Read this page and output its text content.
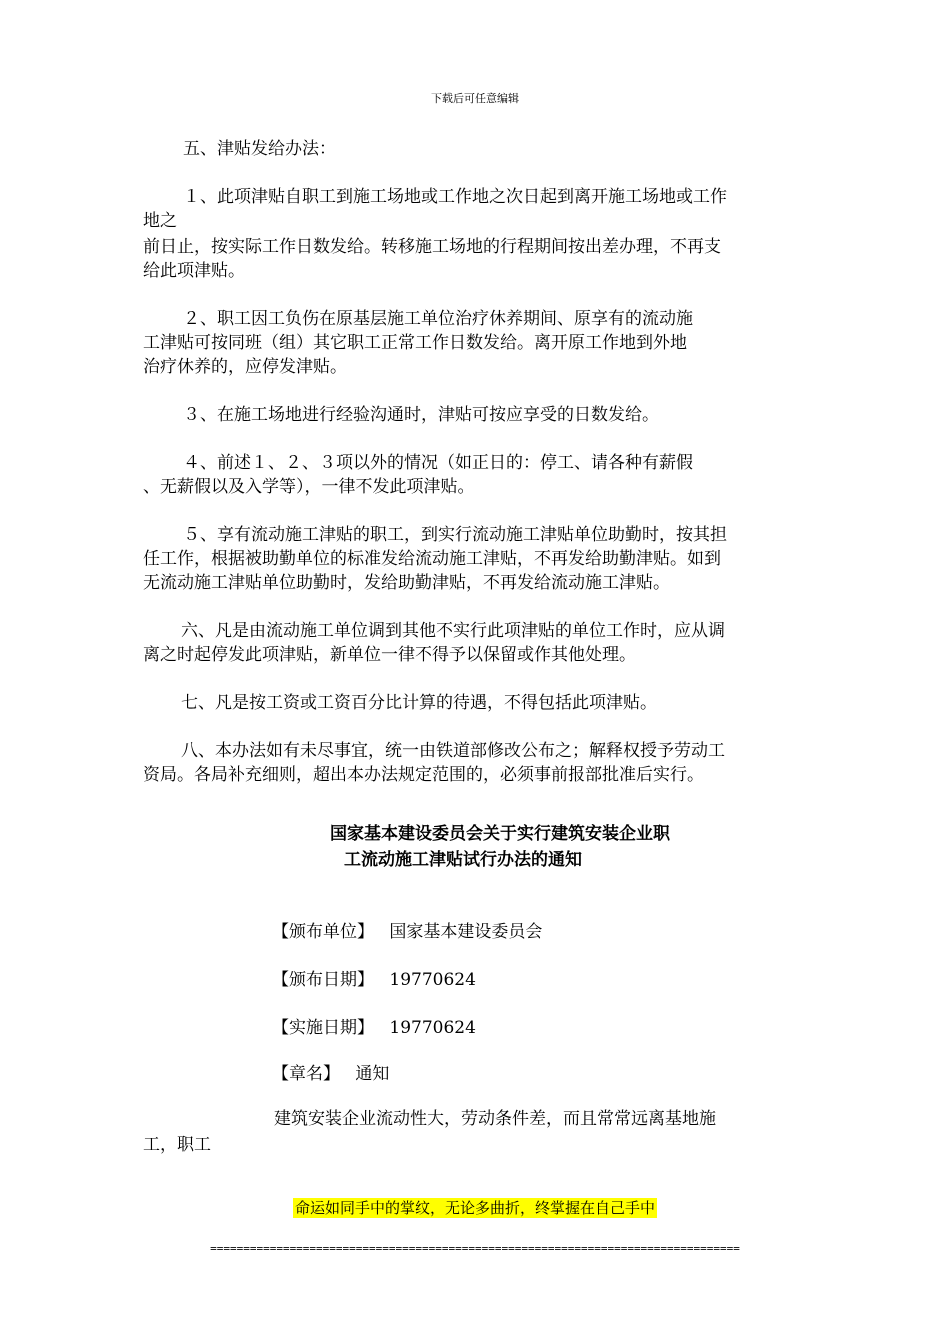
下载后可任意编辑
五、津贴发给办法：
１、此项津贴自职工到施工场地或工作地之次日起到离开施工场地或工作
地之
前日止，按实际工作日数发给。转移施工场地的行程期间按出差办理，不再支
给此项津贴。
２、职工因工负伤在原基层施工单位治疗休养期间、原享有的流动施
工津贴可按同班（组）其它职工正常工作日数发给。离开原工作地到外地
治疗休养的，应停发津贴。
３、在施工场地进行经验沟通时，津贴可按应享受的日数发给。
４、前述１、２、３项以外的情况（如正日的：停工、请各种有薪假
、无薪假以及入学等），一律不发此项津贴。
５、享有流动施工津贴的职工，到实行流动施工津贴单位助勤时，按其担
任工作，根据被助勤单位的标准发给流动施工津贴，不再发给助勤津贴。如到
无流动施工津贴单位助勤时，发给助勤津贴，不再发给流动施工津贴。
六、凡是由流动施工单位调到其他不实行此项津贴的单位工作时，应从调
离之时起停发此项津贴，新单位一律不得予以保留或作其他处理。
七、凡是按工资或工资百分比计算的待遇，不得包括此项津贴。
八、本办法如有未尽事宜，统一由铁道部修改公布之；解释权授予劳动工
资局。各局补充细则，超出本办法规定范围的，必须事前报部批准后实行。
国家基本建设委员会关于实行建筑安装企业职
工流动施工津贴试行办法的通知
【颁布单位】 国家基本建设委员会
【颁布日期】 19770624
【实施日期】 19770624
【章名】 通知
建筑安装企业流动性大，劳动条件差，而且常常远离基地施
工，职工
命运如同手中的掌纹，无论多曲折，终掌握在自己手中
================================================================================
